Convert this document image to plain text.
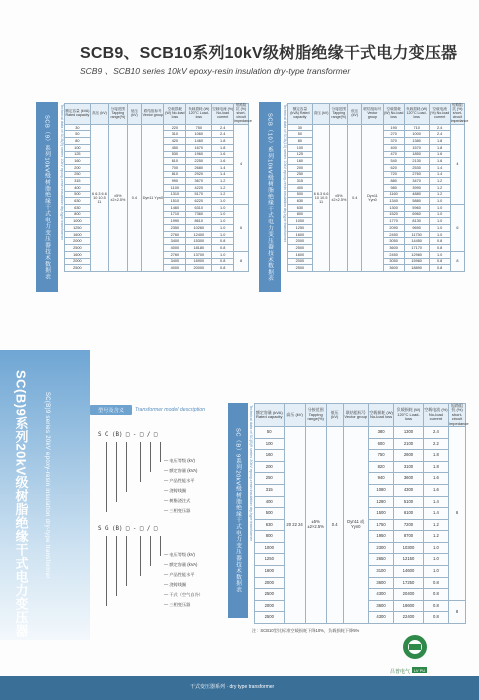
SCB9、SCB10系列10kV级树脂绝缘干式电力变压器
SCB9 、SCB10 series 10kV epoxy-resin insulation dry-type transformer
SCB（9）系列10kV级树脂绝缘干式电力变压器技术数据表	Technical data of SCB(9) series 10kV epoxy-resin insulation dry-type transformer 额定容量 (kVA) Rated capacity	高压 (kV)	分接范围 Tapping range(%)	低压 (kV)	联结组标号 Vector group	空载损耗 (W) No-load loss	负载损耗 (W) 120°C Load-loss	空载电流 (%) No-load current	短路阻抗 (%) short-circuit impedance
30	6 6.3 6.6 10 10.5 11	±5% ±2×2.5%	0.4	Dyn11 Yyn0	220	750	2.4	4
50					310	1060	2.4	
80					420	1460	1.8	
100					450	1670	1.8	
125					530	1960	1.6	
160					610	2250	1.6	
200					700	2680	1.4	
250					810	2920	1.4	
315					990	3670	1.2	
400					1100	4220	1.2	
500					1310	5170	1.2	
630					1510	6220	1.0	
630					1460	6310	1.0	6
800					1710	7360	1.0	
1000					1990	8610	1.0	
1250					2350	10260	1.0	
1600					2760	12400	1.0	
2000					3400	15300	0.8	
2500					4000	18180	0.8	
1600					2760	13700	1.0	8
2000					3400	16900	0.8	
2500					4000	20000	0.8		SCB（10）系列10kV级树脂绝缘干式电力变压器技术数据表	Technical data of SCB(10) series 10kV epoxy-resin insulation dry-type transformer 额定容量 (kVA) Rated capacity	高压 (kV)	分接范围 Tapping range(%)	低压 (kV)	联结组标号 Vector group	空载损耗 (W) No-load loss	负载损耗 (W) 120°C Load-loss	空载电流 (%) No-load current	短路阻抗 (%) short-circuit impedance
30	6 6.3 6.6 10 10.5 11	±5% ±2×2.5%	0.4	Dyn11 Yyn0	190	710	2.4	4
50					270	1000	2.4	
80					370	1380	1.8	
100					400	1570	1.8	
125					470	1850	1.6	
160					540	2130	1.6	
200					620	2530	1.4	
250					720	2760	1.4	
315					880	3470	1.2	
400					980	3990	1.2	
500					1160	4880	1.2	
630					1340	5880	1.0	
630					1300	5960	1.0	6
800					1520	6960	1.0	
1000					1770	8130	1.0	
1250					2090	9690	1.0	
1600					2450	11730	1.0	
2000					3050	14450	0.8	
2500					3600	17170	0.8	
1600					2450	12960	1.0	8
2000					3050	15960	0.8	
2500					3600	18890	0.8	
SC(B)9系列20kV级树脂绝缘干式电力变压器	SC(B)9 series 20kV epoxy-resin insulation dry-type transformer	型号及含义	Transformer model description
S C (B) □ - □ / □
— 电压等级 (kV)
— 额定容量 (kVA)
— 产品性能水平
— 浇铸线圈
— 树脂浇注式
— 三相变压器
S G (B) □ - □ / □
— 电压等级 (kV)
— 额定容量 (kVA)
— 产品性能水平
— 浇铸线圈
— 干式（空气自冷）
— 三相变压器
SC（B）9系列20kV级树脂绝缘干式电力变压器技术数据表	Technical data of SC(B)9 series 20kV epoxy-resin insulation dry-type transformer 额定容量 (kVA) Rated capacity	高压 (kV)	分接范围 Tapping range(%)	低压 (kV)	联结组标号 Vector group	空载损耗 (W) No-load loss	负载损耗 (W) 120°C Load-loss	空载电流 (%) No-load current	短路阻抗 (%) short-circuit impedance
50	20 22 24	±5% ±2×2.5%	0.4	Dyn11 或 Yyn0	380	1300	2.4	6
100					600	2100	2.2	
160					750	2600	1.8	
200					820	3100	1.8	
250					940	3600	1.6	
315					1080	4300	1.6	
400					1280	5100	1.4	
500					1500	6100	1.4	
630					1750	7200	1.2	
800					1950	8700	1.2	
1000					2300	10300	1.0	
1250					2650	12150	1.0	
1600					3100	14600	1.0	
2000					3600	17250	0.8	
2500					4300	20400	0.8	
2000					3600	18600	0.8	8
2500					4300	22400	0.8	
注：SCB10型比标准空载损耗下降10%，负载损耗下降5%
吕普电气 LV PU
干式变压器系列 · dry type transformer
